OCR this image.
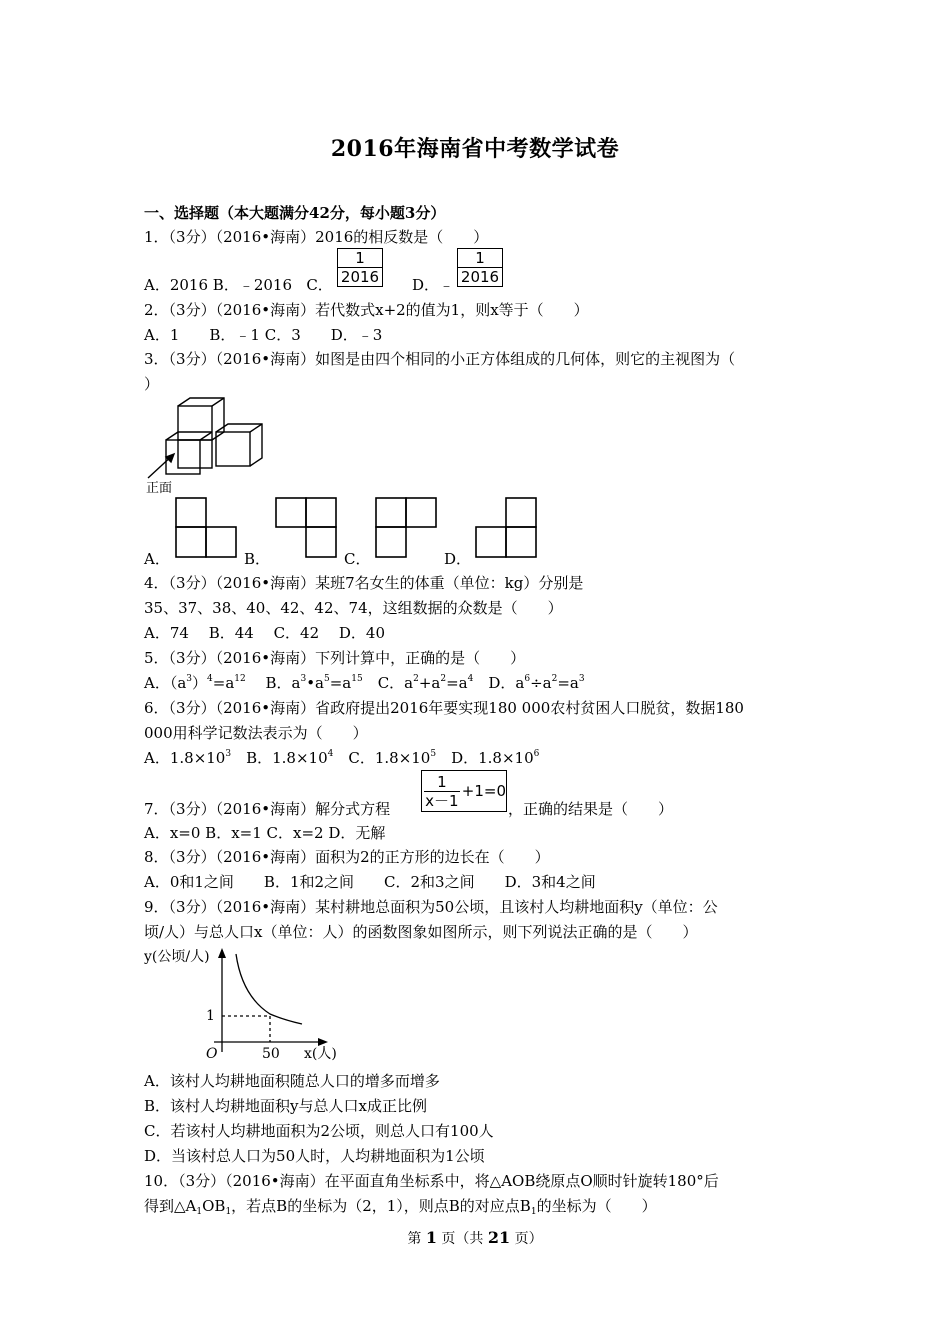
2016年海南省中考数学试卷
一、选择题（本大题满分42分，每小题3分）
1．（3分）（2016•海南）2016的相反数是（　　）
A．2016 B．﹣2016 C． $\frac{1}{2016}$ D．﹣ $\frac{1}{2016}$
2．（3分）（2016•海南）若代数式x+2的值为1，则x等于（　　）
A．1　　B．﹣1 C．3　　D．﹣3
3．（3分）（2016•海南）如图是由四个相同的小正方体组成的几何体，则它的主视图为（
）
正面
A．	B．	C．	D．
4．（3分）（2016•海南）某班7名女生的体重（单位：kg）分别是
35、37、38、40、42、42、74，这组数据的众数是（　　）
A．74　 B．44　 C．42　 D．40
5．（3分）（2016•海南）下列计算中，正确的是（　　）
A．$(a^3)^4=a^{12}$　 B．$a^3•a^5=a^{15}$　C．$a^2+a^2=a^4$　D．$a^6\div a^2=a^3$
6．（3分）（2016•海南）省政府提出2016年要实现180 000农村贫困人口脱贫，数据180
000用科学记数法表示为（　　）
A．$1.8\times 10^3$　B．$1.8\times 10^4$　C．$1.8\times 10^5$　D．$1.8\times 10^6$
7．（3分）（2016•海南）解分式方程 $\frac{1}{x-1} +1=0$
，正确的结果是（　　）
A．x=0 B．x=1 C．x=2 D．无解
8．（3分）（2016•海南）面积为2的正方形的边长在（　　）
A．0和1之间　　B．1和2之间　　C．2和3之间　　D．3和4之间
9．（3分）（2016•海南）某村耕地总面积为50公顷，且该村人均耕地面积y（单位：公
顷/人）与总人口x（单位：人）的函数图象如图所示，则下列说法正确的是（　　）
y(公顷/人)
1
O	50 x(人)
A．该村人均耕地面积随总人口的增多而增多
B．该村人均耕地面积y与总人口x成正比例
C．若该村人均耕地面积为2公顷，则总人口有100人
D．当该村总人口为50人时，人均耕地面积为1公顷
10．（3分）（2016•海南）在平面直角坐标系中，将△AOB绕原点O顺时针旋转180°后
得到$\triangle A_1OB_1$，若点B的坐标为（2，1），则点B的对应点$B_1$的坐标为（　　）
第 1 页（共 21 页）
